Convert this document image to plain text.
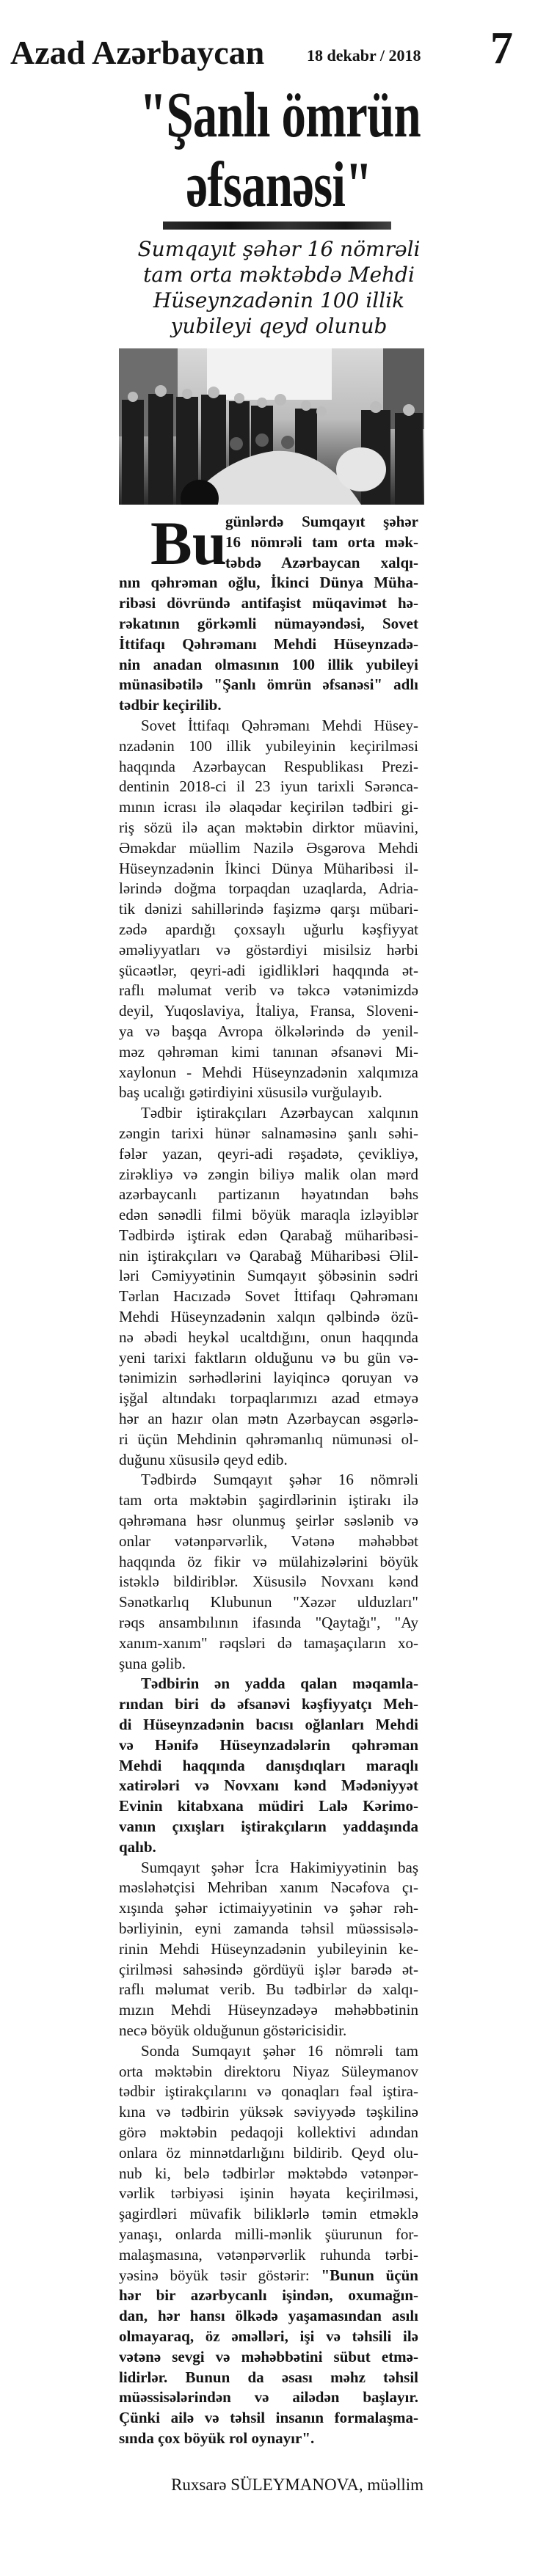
Azad Azərbaycan	18 dekabr / 2018 7
"Şanlı ömrün
əfsanəsi"
Sumqayıt şəhər 16 nömrəli
tam orta məktəbdə Mehdi
Hüseynzadənin 100 illik
yubileyi qeyd olunub
Bu
günlərdə Sumqayıt şəhər
16 nömrəli tam orta mək-
təbdə Azərbaycan xalqı-
nın qəhrəman oğlu, İkinci Dünya Müha-
ribəsi dövründə antifaşist müqavimət hə-
rəkatının görkəmli nümayəndəsi, Sovet
İttifaqı Qəhrəmanı Mehdi Hüseynzadə-
nin anadan olmasının 100 illik yubileyi
münasibətilə "Şanlı ömrün əfsanəsi" adlı
tədbir keçirilib.
Sovet İttifaqı Qəhrəmanı Mehdi Hüsey-
nzadənin 100 illik yubileyinin keçirilməsi
haqqında Azərbaycan Respublikası Prezi-
dentinin 2018-ci il 23 iyun tarixli Sərənca-
mının icrası ilə əlaqədar keçirilən tədbiri gi-
riş sözü ilə açan məktəbin dirktor müavini,
Əməkdar müəllim Nazilə Əsgərova Mehdi
Hüseynzadənin İkinci Dünya Müharibəsi il-
lərində doğma torpaqdan uzaqlarda, Adria-
tik dənizi sahillərində faşizmə qarşı mübari-
zədə apardığı çoxsaylı uğurlu kəşfiyyat
əməliyyatları və göstərdiyi misilsiz hərbi
şücaətlər, qeyri-adi igidlikləri haqqında ət-
raflı məlumat verib və təkcə vətənimizdə
deyil, Yuqoslaviya, İtaliya, Fransa, Sloveni-
ya və başqa Avropa ölkələrində də yenil-
məz qəhrəman kimi tanınan əfsanəvi Mi-
xaylonun - Mehdi Hüseynzadənin xalqımıza
baş ucalığı gətirdiyini xüsusilə vurğulayıb.
Tədbir iştirakçıları Azərbaycan xalqının
zəngin tarixi hünər salnaməsinə şanlı səhi-
fələr yazan, qeyri-adi rəşadətə, çevikliyə,
zirəkliyə və zəngin biliyə malik olan mərd
azərbaycanlı partizanın həyatından bəhs
edən sənədli filmi böyük maraqla izləyiblər
Tədbirdə iştirak edən Qarabağ müharibəsi-
nin iştirakçıları və Qarabağ Müharibəsi Əlil-
ləri Cəmiyyətinin Sumqayıt şöbəsinin sədri
Tərlan Hacızadə Sovet İttifaqı Qəhrəmanı
Mehdi Hüseynzadənin xalqın qəlbində özü-
nə əbədi heykəl ucaltdığını, onun haqqında
yeni tarixi faktların olduğunu və bu gün və-
tənimizin sərhədlərini layiqincə qoruyan və
işğal altındakı torpaqlarımızı azad etməyə
hər an hazır olan mətn Azərbaycan əsgərlə-
ri üçün Mehdinin qəhrəmanlıq nümunəsi ol-
duğunu xüsusilə qeyd edib.
Tədbirdə Sumqayıt şəhər 16 nömrəli
tam orta məktəbin şagirdlərinin iştirakı ilə
qəhrəmana həsr olunmuş şeirlər səslənib və
onlar vətənpərvərlik, Vətənə məhəbbət
haqqında öz fikir və mülahizələrini böyük
istəklə bildiriblər. Xüsusilə Novxanı kənd
Sənətkarlıq Klubunun "Xəzər ulduzları"
rəqs ansambılının ifasında "Qaytağı", "Ay
xanım-xanım" rəqsləri də tamaşaçıların xo-
şuna gəlib.
Tədbirin ən yadda qalan məqamla-
rından biri də əfsanəvi kəşfiyyatçı Meh-
di Hüseynzadənin bacısı oğlanları Mehdi
və Hənifə Hüseynzadələrin qəhrəman
Mehdi haqqında danışdıqları maraqlı
xatirələri və Novxanı kənd Mədəniyyət
Evinin kitabxana müdiri Lalə Kərimo-
vanın çıxışları iştirakçıların yaddaşında
qalıb.
Sumqayıt şəhər İcra Hakimiyyətinin baş
məsləhətçisi Mehriban xanım Nəcəfova çı-
xışında şəhər ictimaiyyətinin və şəhər rəh-
bərliyinin, eyni zamanda təhsil müəssisələ-
rinin Mehdi Hüseynzadənin yubileyinin ke-
çirilməsi sahəsində gördüyü işlər barədə ət-
raflı məlumat verib. Bu tədbirlər də xalqı-
mızın Mehdi Hüseynzadəyə məhəbbətinin
necə böyük olduğunun göstəricisidir.
Sonda Sumqayıt şəhər 16 nömrəli tam
orta məktəbin direktoru Niyaz Süleymanov
tədbir iştirakçılarını və qonaqları fəal iştira-
kına və tədbirin yüksək səviyyədə təşkilinə
görə məktəbin pedaqoji kollektivi adından
onlara öz minnətdarlığını bildirib. Qeyd olu-
nub ki, belə tədbirlər məktəbdə vətənpər-
vərlik tərbiyəsi işinin həyata keçirilməsi,
şagirdləri müvafik biliklərlə təmin etməklə
yanaşı, onlarda milli-mənlik şüurunun for-
malaşmasına, vətənpərvərlik ruhunda tərbi-
yəsinə böyük təsir göstərir: "Bunun üçün
hər bir azərbycanlı işindən, oxumağın-
dan, hər hansı ölkədə yaşamasından asılı
olmayaraq, öz əməlləri, işi və təhsili ilə
vətənə sevgi və məhəbbətini sübut etmə-
lidirlər. Bunun da əsası məhz təhsil
müəssisələrindən və ailədən başlayır.
Çünki ailə və təhsil insanın formalaşma-
sında çox böyük rol oynayır".
Ruxsarə SÜLEYMANOVA, müəllim
